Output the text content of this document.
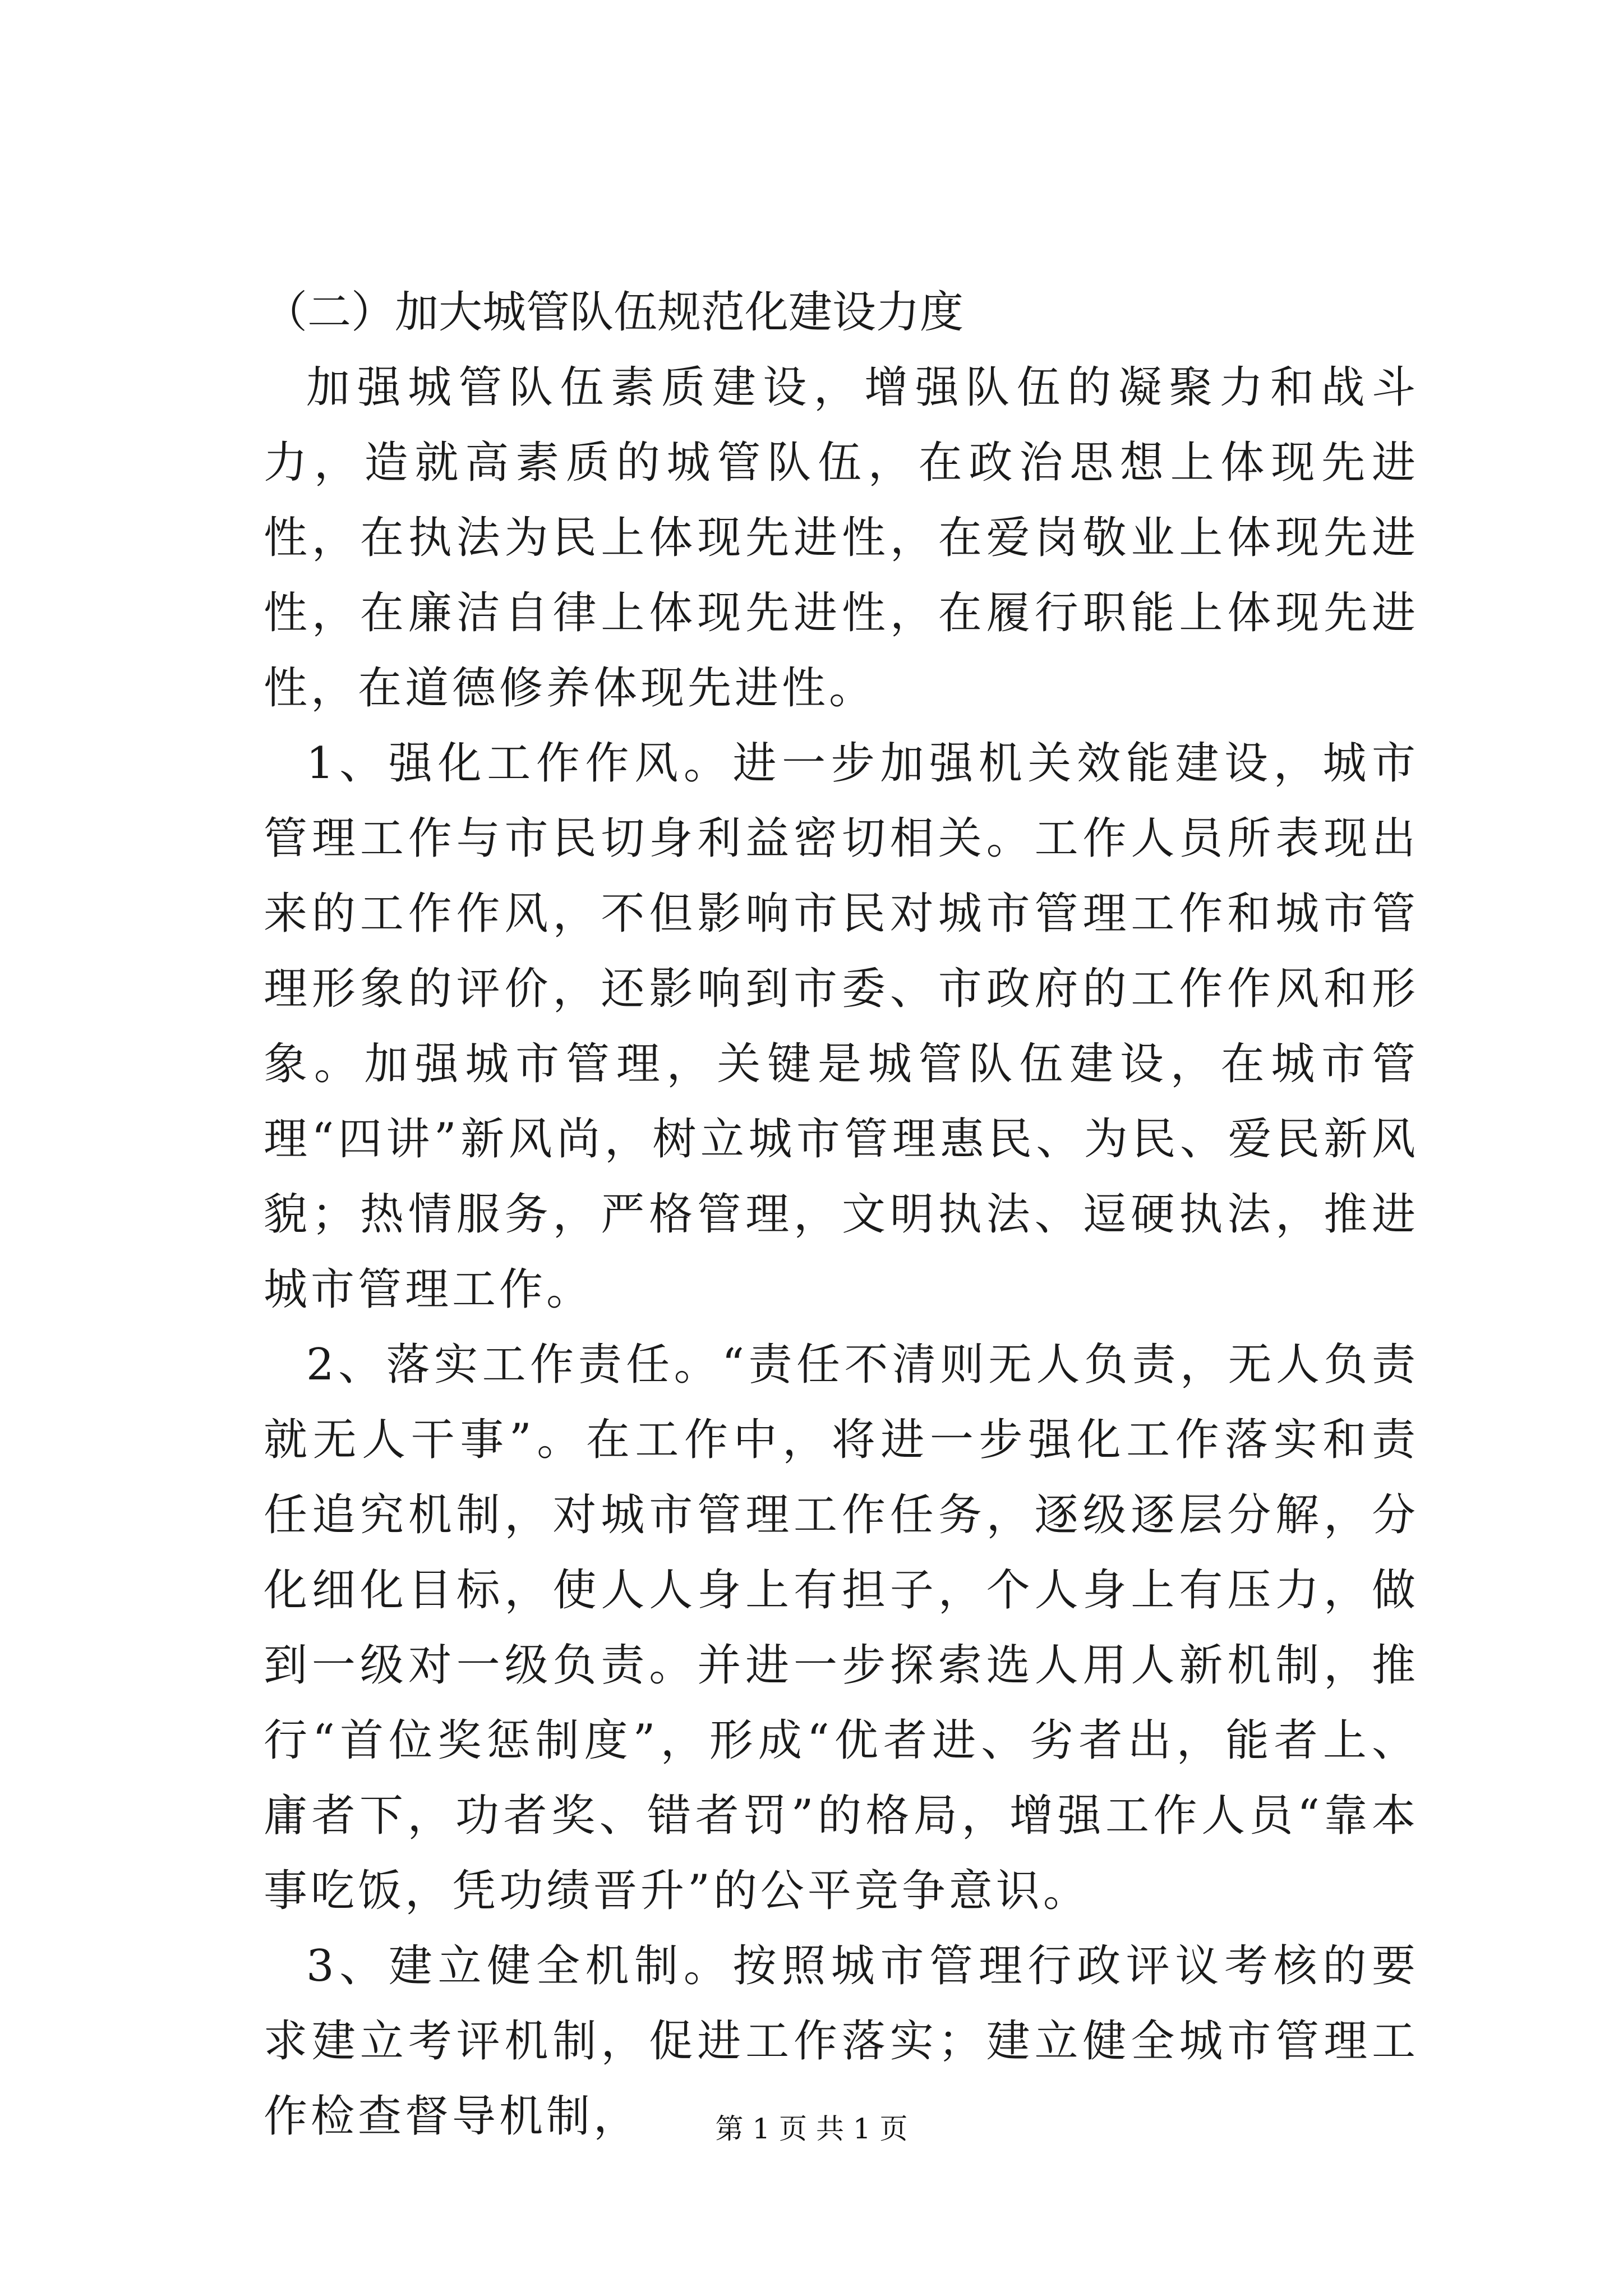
（二）加大城管队伍规范化建设力度

加强城管队伍素质建设，增强队伍的凝聚力和战斗力，造就高素质的城管队伍，在政治思想上体现先进性，在执法为民上体现先进性，在爱岗敬业上体现先进性，在廉洁自律上体现先进性，在履行职能上体现先进性，在道德修养体现先进性。

1、强化工作作风。进一步加强机关效能建设，城市管理工作与市民切身利益密切相关。工作人员所表现出来的工作作风，不但影响市民对城市管理工作和城市管理形象的评价，还影响到市委、市政府的工作作风和形象。加强城市管理，关键是城管队伍建设，在城市管理“四讲”新风尚，树立城市管理惠民、为民、爱民新风貌；热情服务，严格管理，文明执法、逗硬执法，推进城市管理工作。

2、落实工作责任。“责任不清则无人负责，无人负责就无人干事”。在工作中，将进一步强化工作落实和责任追究机制，对城市管理工作任务，逐级逐层分解，分化细化目标，使人人身上有担子，个人身上有压力，做到一级对一级负责。并进一步探索选人用人新机制，推行“首位奖惩制度”，形成“优者进、劣者出，能者上、庸者下，功者奖、错者罚”的格局，增强工作人员“靠本事吃饭，凭功绩晋升”的公平竞争意识。

3、建立健全机制。按照城市管理行政评议考核的要求建立考评机制，促进工作落实；建立健全城市管理工作检查督导机制，	第 1 页 共 1 页
